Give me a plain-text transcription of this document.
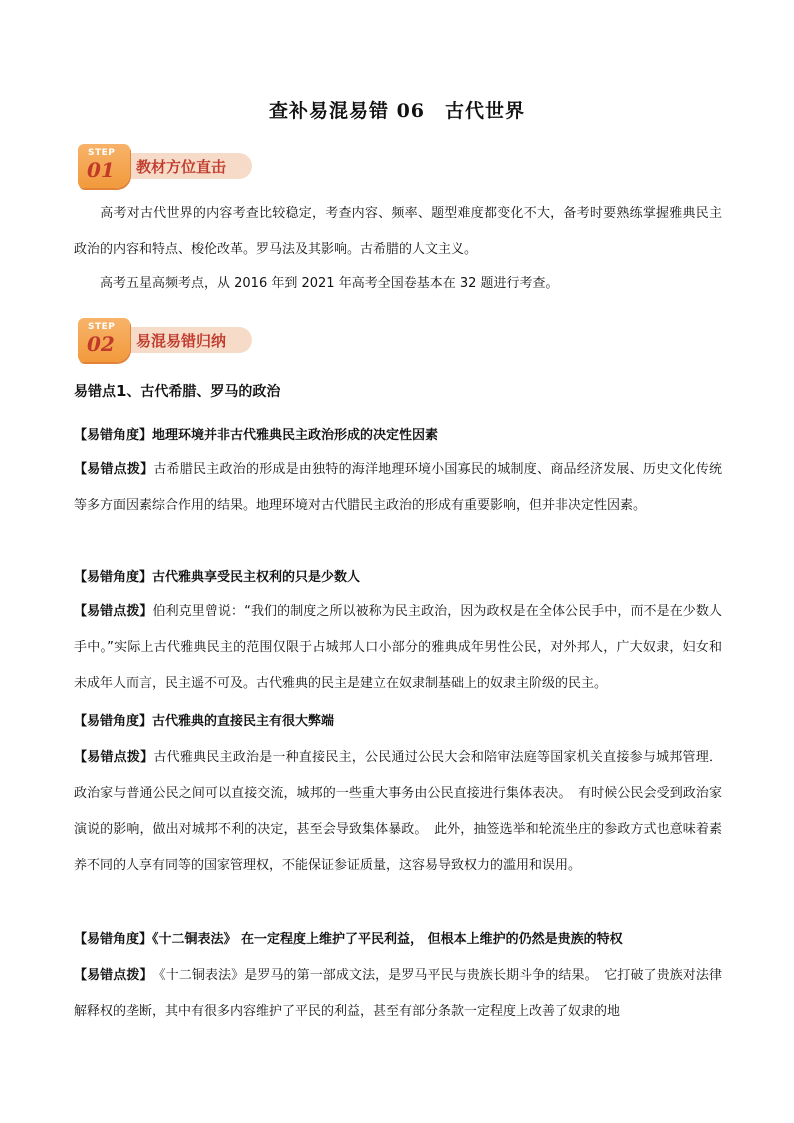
查补易混易错 06　古代世界
教材方位直击
STEP
01

高考对古代世界的内容考查比较稳定，考查内容、频率、题型难度都变化不大，备考时要熟练掌握雅典民主政治的内容和特点、梭伦改革。罗马法及其影响。古希腊的人文主义。

高考五星高频考点，从 2016 年到 2021 年高考全国卷基本在 32 题进行考查。

易混易错归纳
STEP
02

易错点1、古代希腊、罗马的政治

【易错角度】地理环境并非古代雅典民主政治形成的决定性因素

【易错点拨】古希腊民主政治的形成是由独特的海洋地理环境小国寡民的城制度、商品经济发展、历史文化传统等多方面因素综合作用的结果。地理环境对古代腊民主政治的形成有重要影响，但并非决定性因素。

【易错角度】古代雅典享受民主权利的只是少数人

【易错点拨】伯利克里曾说：“我们的制度之所以被称为民主政治，因为政权是在全体公民手中，而不是在少数人手中。”实际上古代雅典民主的范围仅限于占城邦人口小部分的雅典成年男性公民，对外邦人，广大奴隶，妇女和未成年人而言，民主遥不可及。古代雅典的民主是建立在奴隶制基础上的奴隶主阶级的民主。

【易错角度】古代雅典的直接民主有很大弊端

【易错点拨】古代雅典民主政治是一种直接民主，公民通过公民大会和陪审法庭等国家机关直接参与城邦管理． 政治家与普通公民之间可以直接交流，城邦的一些重大事务由公民直接进行集体表决。　有时候公民会受到政治家演说的影响，做出对城邦不利的决定，甚至会导致集体暴政。　此外，抽签选举和轮流坐庄的参政方式也意味着素养不同的人享有同等的国家管理权，不能保证参证质量，这容易导致权力的滥用和误用。

【易错角度】《十二铜表法》 在一定程度上维护了平民利益， 但根本上维护的仍然是贵族的特权

【易错点拨】　《十二铜表法》是罗马的第一部成文法，是罗马平民与贵族长期斗争的结果。　它打破了贵族对法律解释权的垄断，其中有很多内容维护了平民的利益，甚至有部分条款一定程度上改善了奴隶的地
